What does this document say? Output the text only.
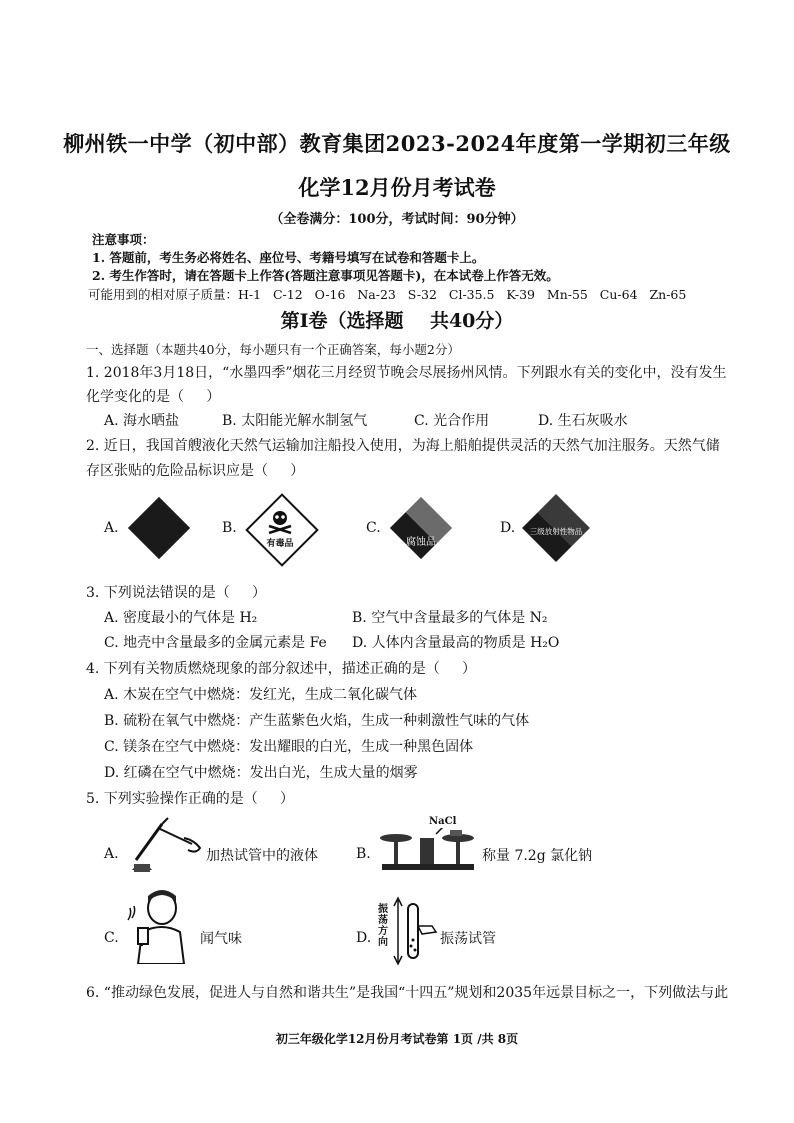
柳州铁一中学（初中部）教育集团2023-2024年度第一学期初三年级
化学12月份月考试卷
（全卷满分：100分，考试时间：90分钟）
注意事项：
1. 答题前，考生务必将姓名、座位号、考籍号填写在试卷和答题卡上。
2. 考生作答时，请在答题卡上作答(答题注意事项见答题卡)，在本试卷上作答无效。
可能用到的相对原子质量：H-1   C-12   O-16   Na-23   S-32   Cl-35.5   K-39   Mn-55   Cu-64   Zn-65
第Ⅰ卷（选择题    共40分）
一、选择题（本题共40分，每小题只有一个正确答案，每小题2分）
1. 2018年3月18日，“水墨四季”烟花三月经贸节晚会尽展扬州风情。下列跟水有关的变化中，没有发生
化学变化的是（     ）
A. 海水晒盐	B. 太阳能光解水制氢气	C. 光合作用	D. 生石灰吸水
2. 近日，我国首艘液化天然气运输加注船投入使用，为海上船舶提供灵活的天然气加注服务。天然气储
存区张贴的危险品标识应是（     ）
A.	B.
有毒品
C.
腐蚀品
D. 三级放射性物品
3. 下列说法错误的是（     ）
A. 密度最小的气体是 H₂	B. 空气中含量最多的气体是 N₂
C. 地壳中含量最多的金属元素是 Fe D. 人体内含量最高的物质是 H₂O
4. 下列有关物质燃烧现象的部分叙述中，描述正确的是（     ）
A. 木炭在空气中燃烧：发红光，生成二氧化碳气体
B. 硫粉在氧气中燃烧：产生蓝紫色火焰，生成一种刺激性气味的气体
C. 镁条在空气中燃烧：发出耀眼的白光，生成一种黑色固体
D. 红磷在空气中燃烧：发出白光，生成大量的烟雾
5. 下列实验操作正确的是（     ）
A.	加热试管中的液体	B.
NaCl
称量 7.2g 氯化钠
C.	闻气味	D.
振荡方向	振荡试管
6. “推动绿色发展，促进人与自然和谐共生”是我国“十四五”规划和2035年远景目标之一，下列做法与此
初三年级化学12月份月考试卷第 1页 /共 8页
